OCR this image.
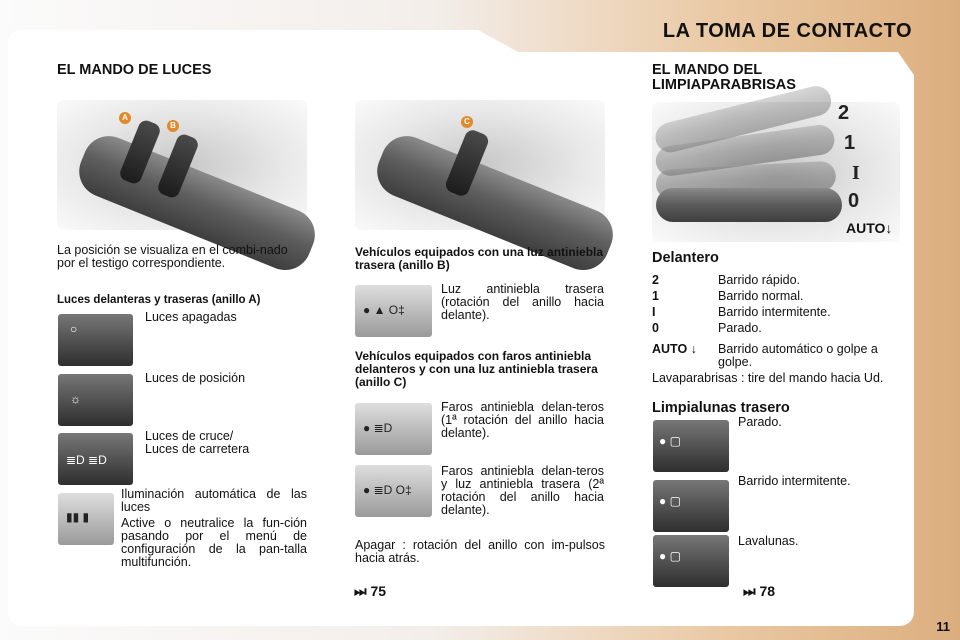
LA TOMA DE CONTACTO
EL MANDO DE LUCES
A
B
La posición se visualiza en el combi-nado por el testigo correspondiente.
Luces delanteras y traseras (anillo A)
○
Luces apagadas
☼
Luces de posición
≣D ≣D
Luces de cruce/
Luces de carretera
▮▮ ▮
Iluminación automática de las luces
Active o neutralice la fun-ción pasando por el menú de configuración de la pan-talla multifunción.
C
Vehículos equipados con una luz antiniebla trasera (anillo B)
● ▲ O‡
Luz antiniebla trasera (rotación del anillo hacia delante).
Vehículos equipados con faros antiniebla delanteros y con una luz antiniebla trasera (anillo C)
● ≣D
Faros antiniebla delan-teros (1ª rotación del anillo hacia delante).
● ≣D O‡
Faros antiniebla delan-teros y luz antiniebla trasera (2ª rotación del anillo hacia delante).
Apagar : rotación del anillo con im-pulsos hacia atrás.
⏭ 75
EL MANDO DEL LIMPIAPARABRISAS
2
1
I
0
AUTO↓
Delantero
2	Barrido rápido.
1	Barrido normal.
I	Barrido intermitente.
0	Parado.
AUTO ↓ Barrido automático o golpe a golpe.
Lavaparabrisas : tire del mando hacia Ud.
Limpialunas trasero
● ▢
Parado.
● ▢
Barrido intermitente.
● ▢
Lavalunas.
⏭ 78
11
